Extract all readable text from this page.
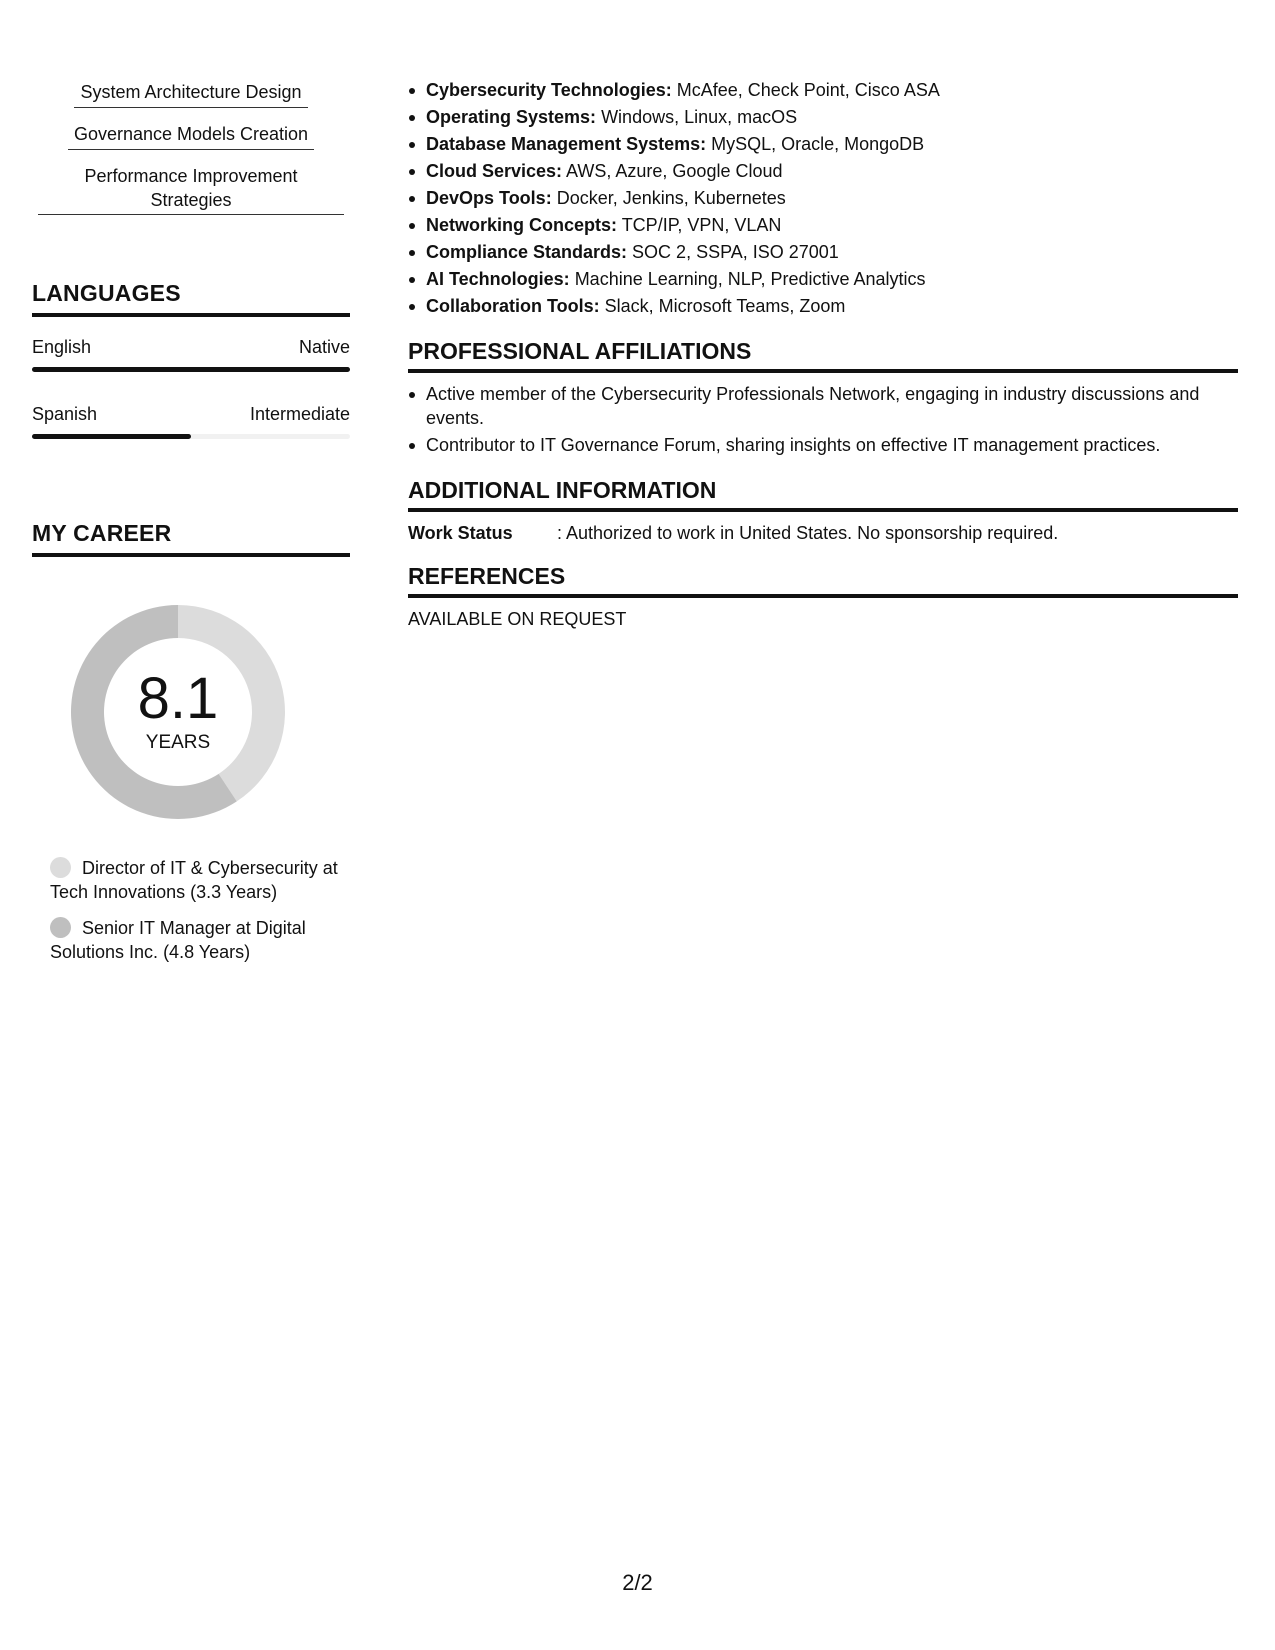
System Architecture Design
Governance Models Creation
Performance Improvement Strategies
LANGUAGES
English	Native
Spanish	Intermediate
MY CAREER
8.1
YEARS
Director of IT & Cybersecurity at Tech Innovations (3.3 Years)
Senior IT Manager at Digital Solutions Inc. (4.8 Years)
Cybersecurity Technologies: McAfee, Check Point, Cisco ASA
Operating Systems: Windows, Linux, macOS
Database Management Systems: MySQL, Oracle, MongoDB
Cloud Services: AWS, Azure, Google Cloud
DevOps Tools: Docker, Jenkins, Kubernetes
Networking Concepts: TCP/IP, VPN, VLAN
Compliance Standards: SOC 2, SSPA, ISO 27001
AI Technologies: Machine Learning, NLP, Predictive Analytics
Collaboration Tools: Slack, Microsoft Teams, Zoom
PROFESSIONAL AFFILIATIONS
Active member of the Cybersecurity Professionals Network, engaging in industry discussions and events.
Contributor to IT Governance Forum, sharing insights on effective IT management practices.
ADDITIONAL INFORMATION
Work Status	: Authorized to work in United States. No sponsorship required.
REFERENCES
AVAILABLE ON REQUEST
2/2
